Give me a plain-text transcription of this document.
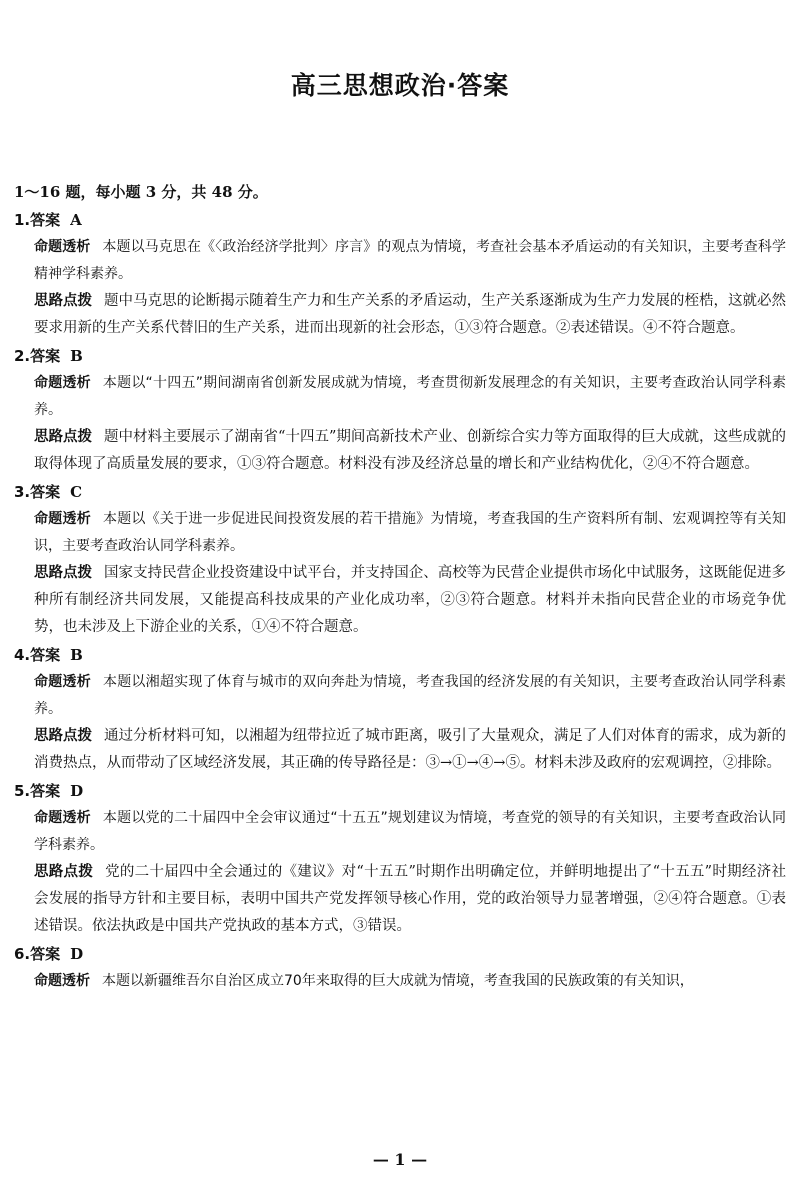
高三思想政治·答案
1～16 题，每小题 3 分，共 48 分。
1.答案 A

命题透析 本题以马克思在《〈政治经济学批判〉序言》的观点为情境，考查社会基本矛盾运动的有关知识，主要考查科学精神学科素养。

思路点拨 题中马克思的论断揭示随着生产力和生产关系的矛盾运动，生产关系逐渐成为生产力发展的桎梏，这就必然要求用新的生产关系代替旧的生产关系，进而出现新的社会形态，①③符合题意。②表述错误。④不符合题意。

2.答案 B

命题透析 本题以“十四五”期间湖南省创新发展成就为情境，考查贯彻新发展理念的有关知识，主要考查政治认同学科素养。

思路点拨 题中材料主要展示了湖南省“十四五”期间高新技术产业、创新综合实力等方面取得的巨大成就，这些成就的取得体现了高质量发展的要求，①③符合题意。材料没有涉及经济总量的增长和产业结构优化，②④不符合题意。

3.答案 C

命题透析 本题以《关于进一步促进民间投资发展的若干措施》为情境，考查我国的生产资料所有制、宏观调控等有关知识，主要考查政治认同学科素养。

思路点拨 国家支持民营企业投资建设中试平台，并支持国企、高校等为民营企业提供市场化中试服务，这既能促进多种所有制经济共同发展，又能提高科技成果的产业化成功率，②③符合题意。材料并未指向民营企业的市场竞争优势，也未涉及上下游企业的关系，①④不符合题意。

4.答案 B

命题透析 本题以湘超实现了体育与城市的双向奔赴为情境，考查我国的经济发展的有关知识，主要考查政治认同学科素养。

思路点拨 通过分析材料可知，以湘超为纽带拉近了城市距离，吸引了大量观众，满足了人们对体育的需求，成为新的消费热点，从而带动了区域经济发展，其正确的传导路径是：③→①→④→⑤。材料未涉及政府的宏观调控，②排除。

5.答案 D

命题透析 本题以党的二十届四中全会审议通过“十五五”规划建议为情境，考查党的领导的有关知识，主要考查政治认同学科素养。

思路点拨 党的二十届四中全会通过的《建议》对“十五五”时期作出明确定位，并鲜明地提出了“十五五”时期经济社会发展的指导方针和主要目标，表明中国共产党发挥领导核心作用，党的政治领导力显著增强，②④符合题意。①表述错误。依法执政是中国共产党执政的基本方式，③错误。

6.答案 D

命题透析 本题以新疆维吾尔自治区成立70年来取得的巨大成就为情境，考查我国的民族政策的有关知识，

— 1 —
